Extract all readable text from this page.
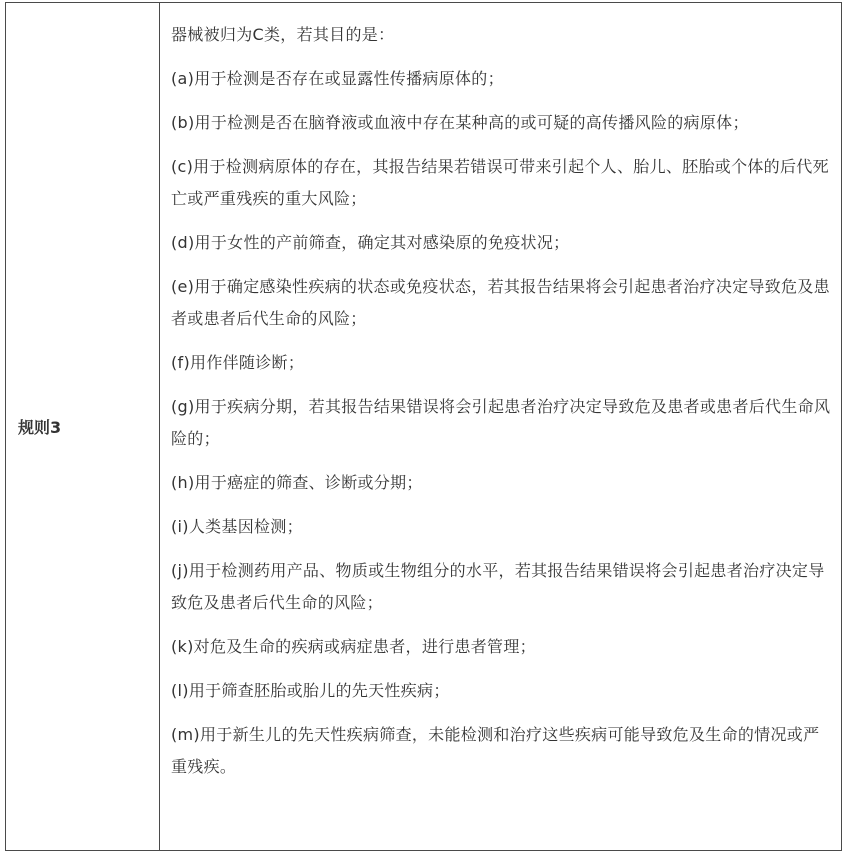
规则3

器械被归为C类，若其目的是：

(a)用于检测是否存在或显露性传播病原体的；

(b)用于检测是否在脑脊液或血液中存在某种高的或可疑的高传播风险的病原体；

(c)用于检测病原体的存在，其报告结果若错误可带来引起个人、胎儿、胚胎或个体的后代死亡或严重残疾的重大风险；

(d)用于女性的产前筛查，确定其对感染原的免疫状况；

(e)用于确定感染性疾病的状态或免疫状态，若其报告结果将会引起患者治疗决定导致危及患者或患者后代生命的风险；

(f)用作伴随诊断；

(g)用于疾病分期，若其报告结果错误将会引起患者治疗决定导致危及患者或患者后代生命风险的；

(h)用于癌症的筛查、诊断或分期；

(i)人类基因检测；

(j)用于检测药用产品、物质或生物组分的水平，若其报告结果错误将会引起患者治疗决定导致危及患者后代生命的风险；

(k)对危及生命的疾病或病症患者，进行患者管理；

(l)用于筛查胚胎或胎儿的先天性疾病；

(m)用于新生儿的先天性疾病筛查，未能检测和治疗这些疾病可能导致危及生命的情况或严重残疾。
